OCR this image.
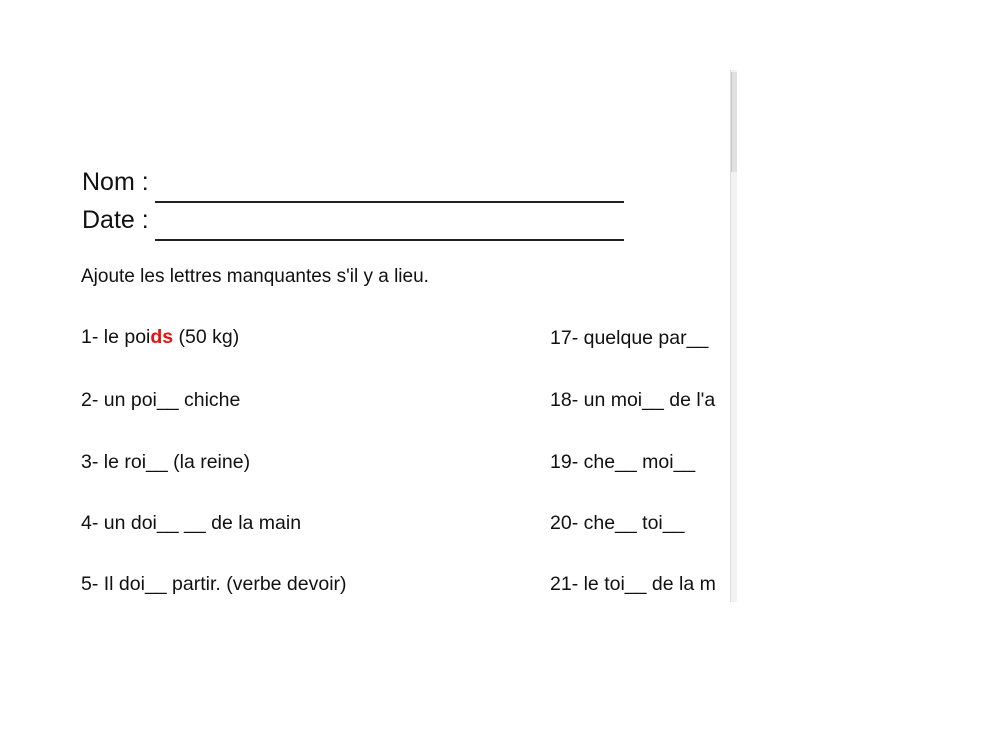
Nom :
Date :
Ajoute les lettres manquantes s'il y a lieu.
1- le poids (50 kg)
2- un poi__ chiche
3- le roi__ (la reine)
4- un doi__ __ de la main
5- Il doi__ partir. (verbe devoir)
17- quelque par__
18- un moi__ de l'a
19- che__ moi__
20- che__ toi__
21- le toi__ de la m
